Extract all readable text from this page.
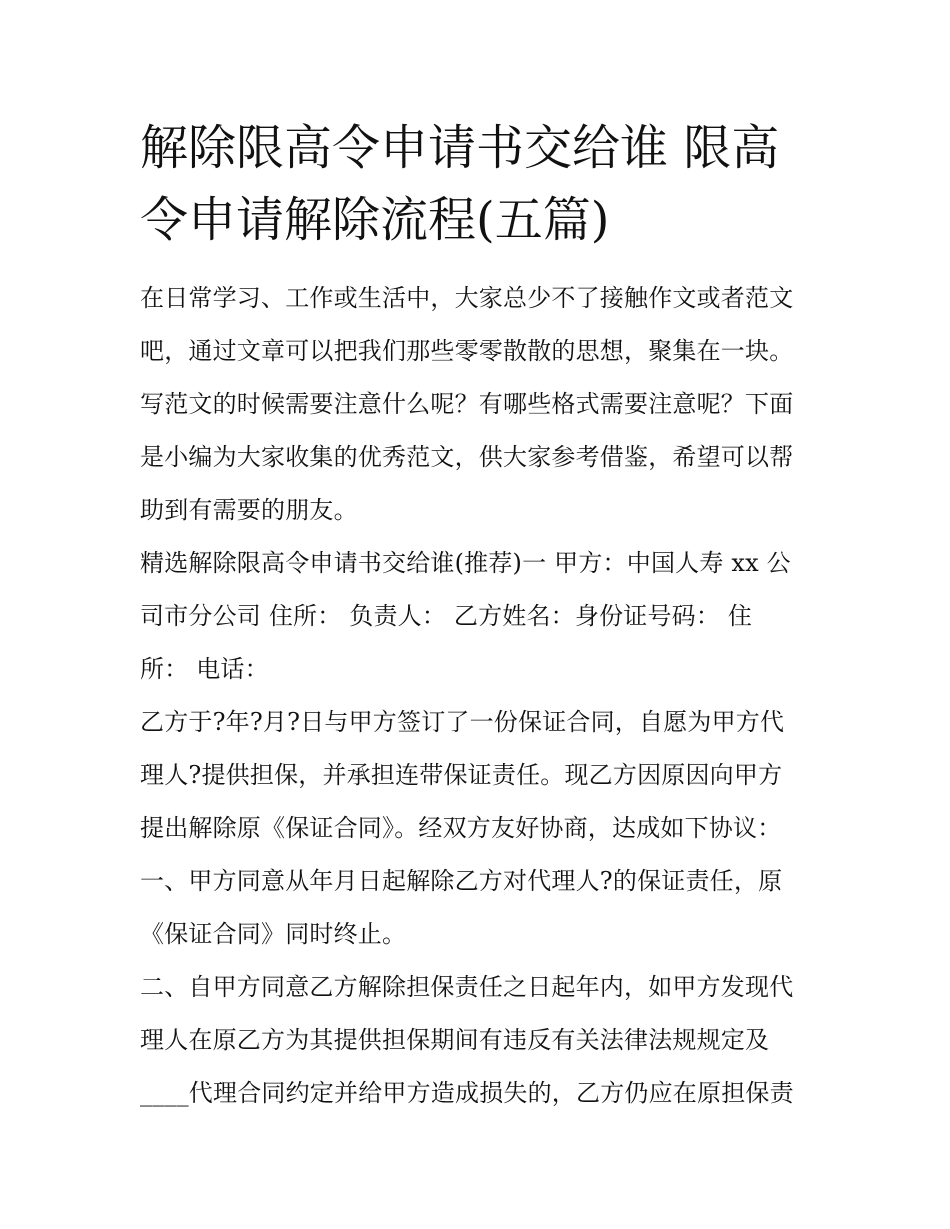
解除限高令申请书交给谁 限高
令申请解除流程(五篇)
在日常学习、工作或生活中，大家总少不了接触作文或者范文
吧，通过文章可以把我们那些零零散散的思想，聚集在一块。
写范文的时候需要注意什么呢？有哪些格式需要注意呢？下面
是小编为大家收集的优秀范文，供大家参考借鉴，希望可以帮
助到有需要的朋友。
精选解除限高令申请书交给谁(推荐)一 甲方：中国人寿 xx 公
司市分公司 住所： 负责人： 乙方姓名：身份证号码： 住
所： 电话：
乙方于?年?月?日与甲方签订了一份保证合同，自愿为甲方代
理人?提供担保，并承担连带保证责任。现乙方因原因向甲方
提出解除原《保证合同》。经双方友好协商，达成如下协议：
一、甲方同意从年月日起解除乙方对代理人?的保证责任，原
《保证合同》同时终止。
二、自甲方同意乙方解除担保责任之日起年内，如甲方发现代
理人在原乙方为其提供担保期间有违反有关法律法规规定及
____代理合同约定并给甲方造成损失的，乙方仍应在原担保责
